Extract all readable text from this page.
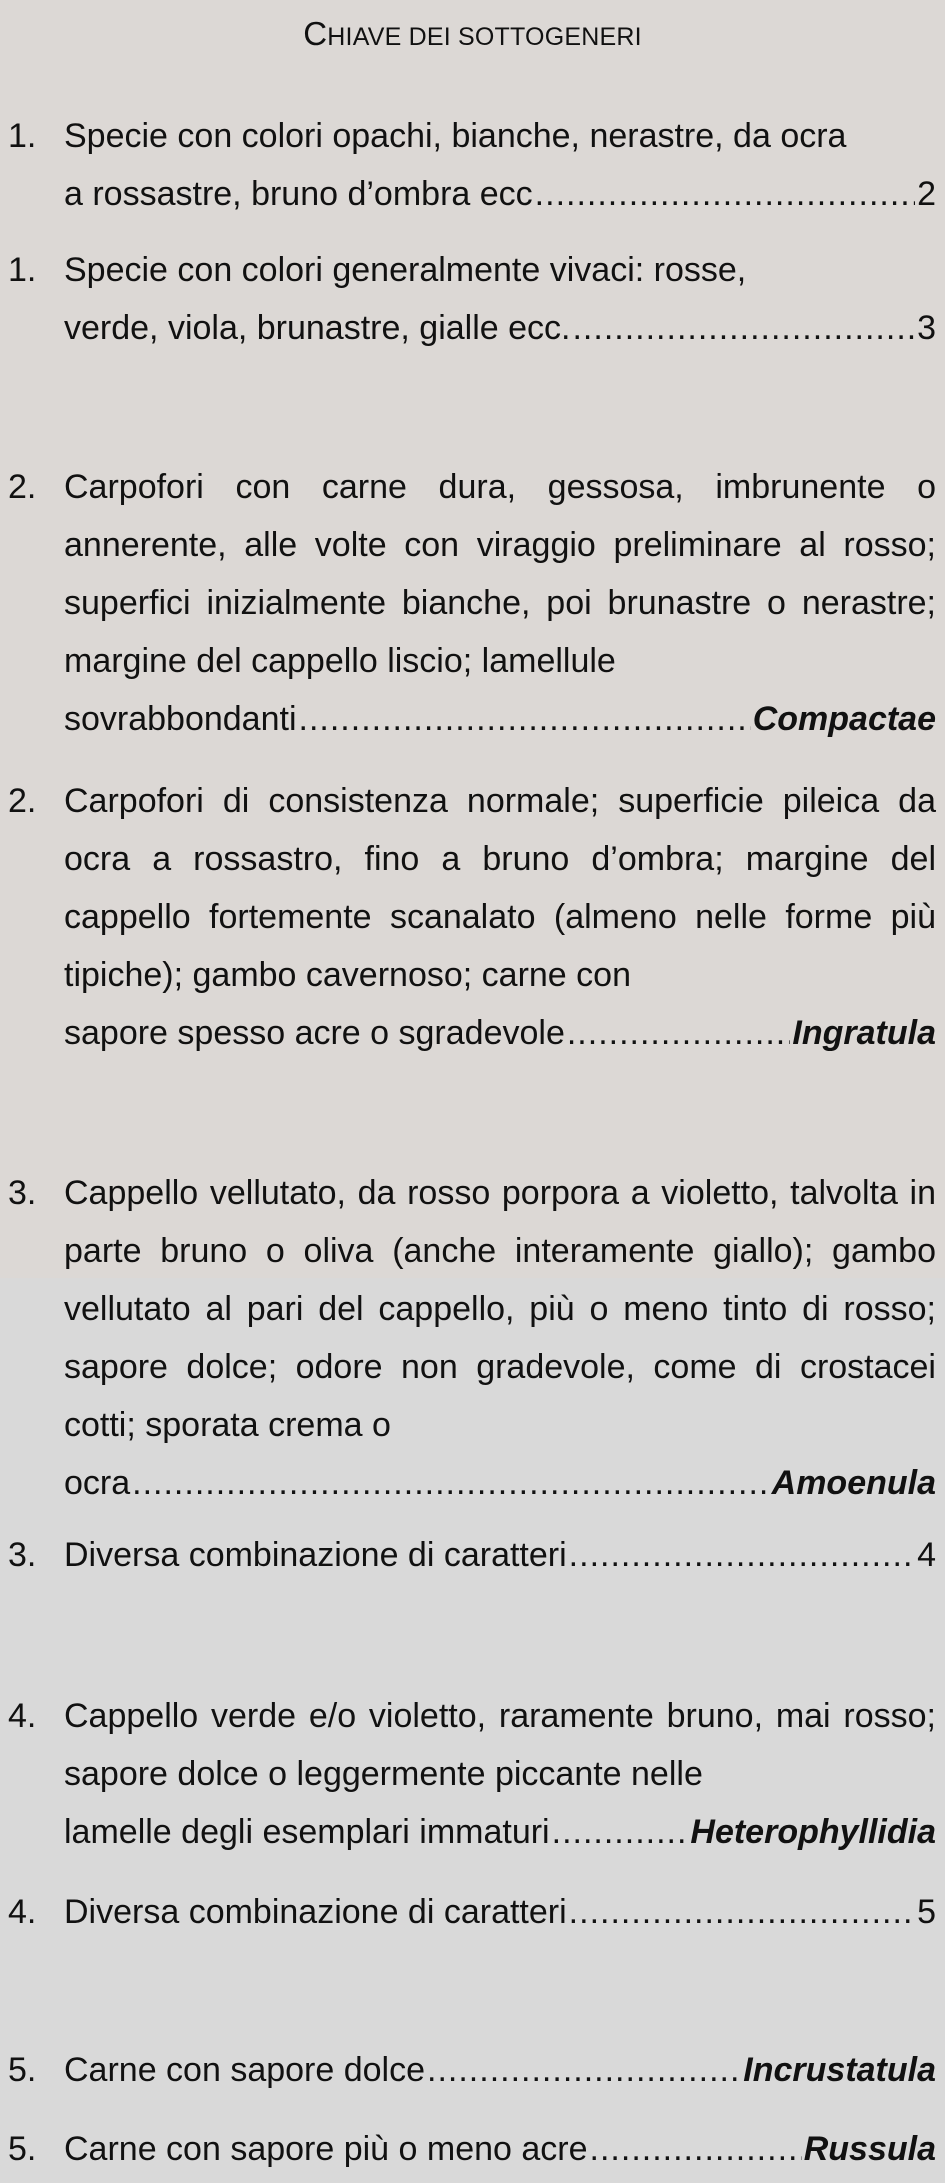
CHIAVE DEI SOTTOGENERI
1. Specie con colori opachi, bianche, nerastre, da ocra
a rossastre, bruno d’ombra ecc .....	2
1. Specie con colori generalmente vivaci: rosse,
verde, viola, brunastre, gialle ecc. .....	3
2. Carpofori con carne dura, gessosa, imbrunente o annerente, alle volte con viraggio preliminare al rosso; superfici inizialmente bianche, poi brunastre o nerastre; margine del cappello liscio; lamellule
sovrabbondanti .....	Compactae
2. Carpofori di consistenza normale; superficie pileica da ocra a rossastro, fino a bruno d’ombra; margine del cappello fortemente scanalato (almeno nelle forme più tipiche); gambo cavernoso; carne con
sapore spesso acre o sgradevole .....	Ingratula
3. Cappello vellutato, da rosso porpora a violetto, talvolta in parte bruno o oliva (anche interamente giallo); gambo vellutato al pari del cappello, più o meno tinto di rosso; sapore dolce; odore non gradevole, come di crostacei cotti; sporata crema o
ocra .....	Amoenula
3. Diversa combinazione di caratteri .....	4
4. Cappello verde e/o violetto, raramente bruno, mai rosso; sapore dolce o leggermente piccante nelle
lamelle degli esemplari immaturi .....	Heterophyllidia
4. Diversa combinazione di caratteri .....	5
5. Carne con sapore dolce .....	Incrustatula
5. Carne con sapore più o meno acre .....	Russula
